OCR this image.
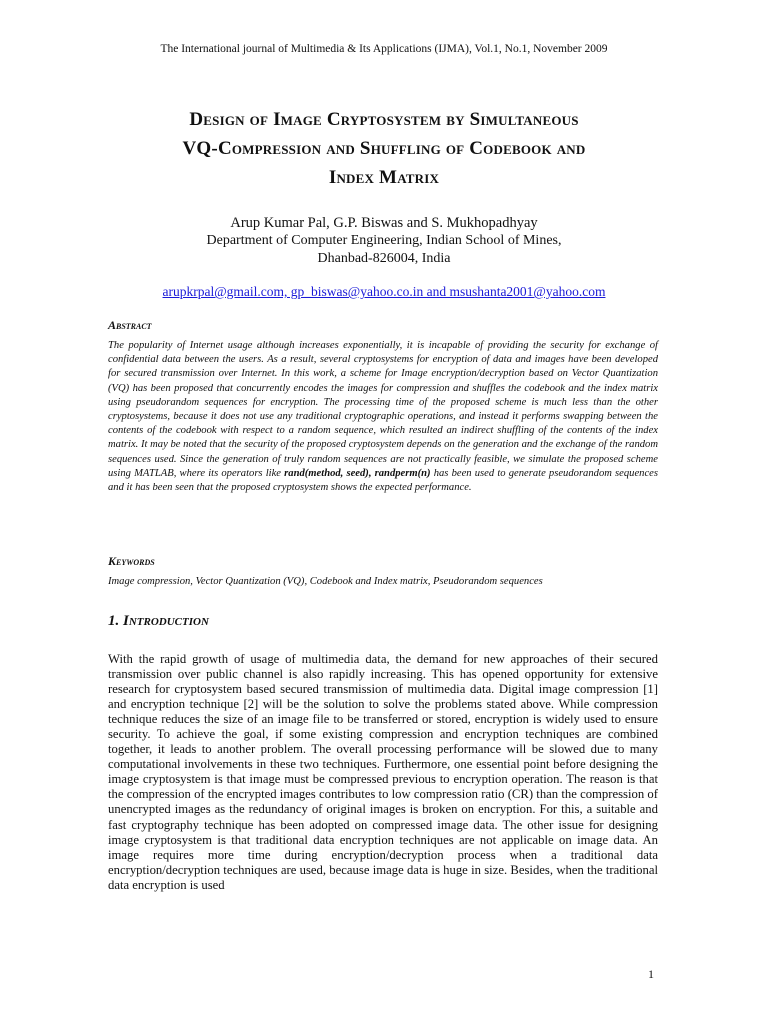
The International journal of Multimedia & Its Applications (IJMA), Vol.1, No.1, November 2009
Design of Image Cryptosystem by Simultaneous
VQ-Compression and Shuffling of Codebook and
Index Matrix
Arup Kumar Pal, G.P. Biswas and S. Mukhopadhyay
Department of Computer Engineering, Indian School of Mines,
Dhanbad-826004, India
arupkrpal@gmail.com, gp_biswas@yahoo.co.in and msushanta2001@yahoo.com
Abstract

The popularity of Internet usage although increases exponentially, it is incapable of providing the security for exchange of confidential data between the users. As a result, several cryptosystems for encryption of data and images have been developed for secured transmission over Internet. In this work, a scheme for Image encryption/decryption based on Vector Quantization (VQ) has been proposed that concurrently encodes the images for compression and shuffles the codebook and the index matrix using pseudorandom sequences for encryption. The processing time of the proposed scheme is much less than the other cryptosystems, because it does not use any traditional cryptographic operations, and instead it performs swapping between the contents of the codebook with respect to a random sequence, which resulted an indirect shuffling of the contents of the index matrix. It may be noted that the security of the proposed cryptosystem depends on the generation and the exchange of the random sequences used. Since the generation of truly random sequences are not practically feasible, we simulate the proposed scheme using MATLAB, where its operators like rand(method, seed), randperm(n) has been used to generate pseudorandom sequences and it has been seen that the proposed cryptosystem shows the expected performance.

Keywords

Image compression, Vector Quantization (VQ), Codebook and Index matrix, Pseudorandom sequences

1. Introduction

With the rapid growth of usage of multimedia data, the demand for new approaches of their secured transmission over public channel is also rapidly increasing. This has opened opportunity for extensive research for cryptosystem based secured transmission of multimedia data. Digital image compression [1] and encryption technique [2] will be the solution to solve the problems stated above. While compression technique reduces the size of an image file to be transferred or stored, encryption is widely used to ensure security. To achieve the goal, if some existing compression and encryption techniques are combined together, it leads to another problem. The overall processing performance will be slowed due to many computational involvements in these two techniques. Furthermore, one essential point before designing the image cryptosystem is that image must be compressed previous to encryption operation. The reason is that the compression of the encrypted images contributes to low compression ratio (CR) than the compression of unencrypted images as the redundancy of original images is broken on encryption. For this, a suitable and fast cryptography technique has been adopted on compressed image data. The other issue for designing image cryptosystem is that traditional data encryption techniques are not applicable on image data. An image requires more time during encryption/decryption process when a traditional data encryption/decryption techniques are used, because image data is huge in size. Besides, when the traditional data encryption is used

1
